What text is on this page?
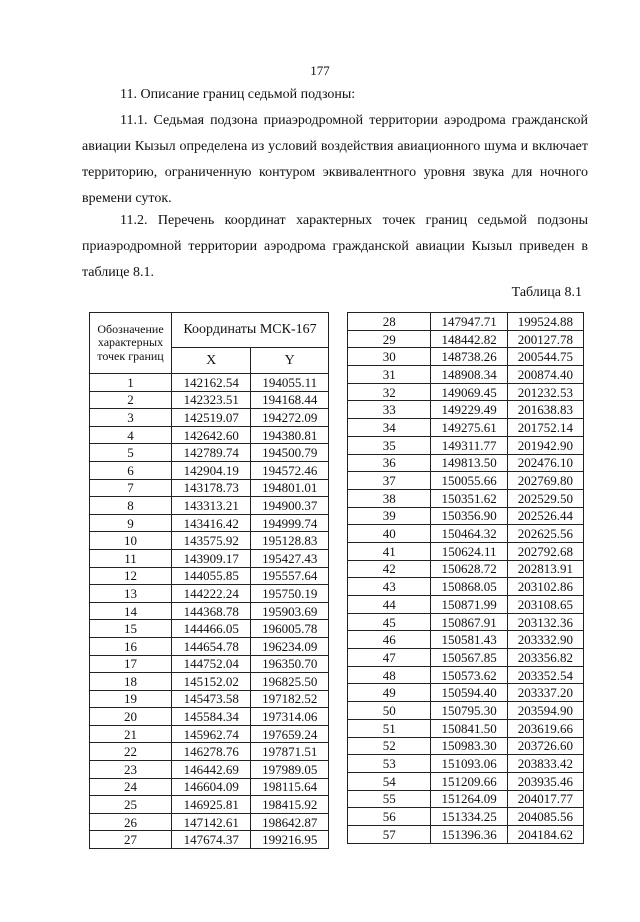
177
11. Описание границ седьмой подзоны:
11.1. Седьмая подзона приаэродромной территории аэродрома гражданской авиации Кызыл определена из условий воздействия авиационного шума и включает территорию, ограниченную контуром эквивалентного уровня звука для ночного времени суток.
11.2. Перечень координат характерных точек границ седьмой подзоны приаэродромной территории аэродрома гражданской авиации Кызыл приведен в таблице 8.1.
Таблица 8.1
Обозначение характерных точек границ	Координаты МСК-167	
	X	Y
1	142162.54	194055.11
2	142323.51	194168.44
3	142519.07	194272.09
4	142642.60	194380.81
5	142789.74	194500.79
6	142904.19	194572.46
7	143178.73	194801.01
8	143313.21	194900.37
9	143416.42	194999.74
10	143575.92	195128.83
11	143909.17	195427.43
12	144055.85	195557.64
13	144222.24	195750.19
14	144368.78	195903.69
15	144466.05	196005.78
16	144654.78	196234.09
17	144752.04	196350.70
18	145152.02	196825.50
19	145473.58	197182.52
20	145584.34	197314.06
21	145962.74	197659.24
22	146278.76	197871.51
23	146442.69	197989.05
24	146604.09	198115.64
25	146925.81	198415.92
26	147142.61	198642.87
27	147674.37	199216.95
28	147947.71	199524.88
29	148442.82	200127.78
30	148738.26	200544.75
31	148908.34	200874.40
32	149069.45	201232.53
33	149229.49	201638.83
34	149275.61	201752.14
35	149311.77	201942.90
36	149813.50	202476.10
37	150055.66	202769.80
38	150351.62	202529.50
39	150356.90	202526.44
40	150464.32	202625.56
41	150624.11	202792.68
42	150628.72	202813.91
43	150868.05	203102.86
44	150871.99	203108.65
45	150867.91	203132.36
46	150581.43	203332.90
47	150567.85	203356.82
48	150573.62	203352.54
49	150594.40	203337.20
50	150795.30	203594.90
51	150841.50	203619.66
52	150983.30	203726.60
53	151093.06	203833.42
54	151209.66	203935.46
55	151264.09	204017.77
56	151334.25	204085.56
57	151396.36	204184.62
